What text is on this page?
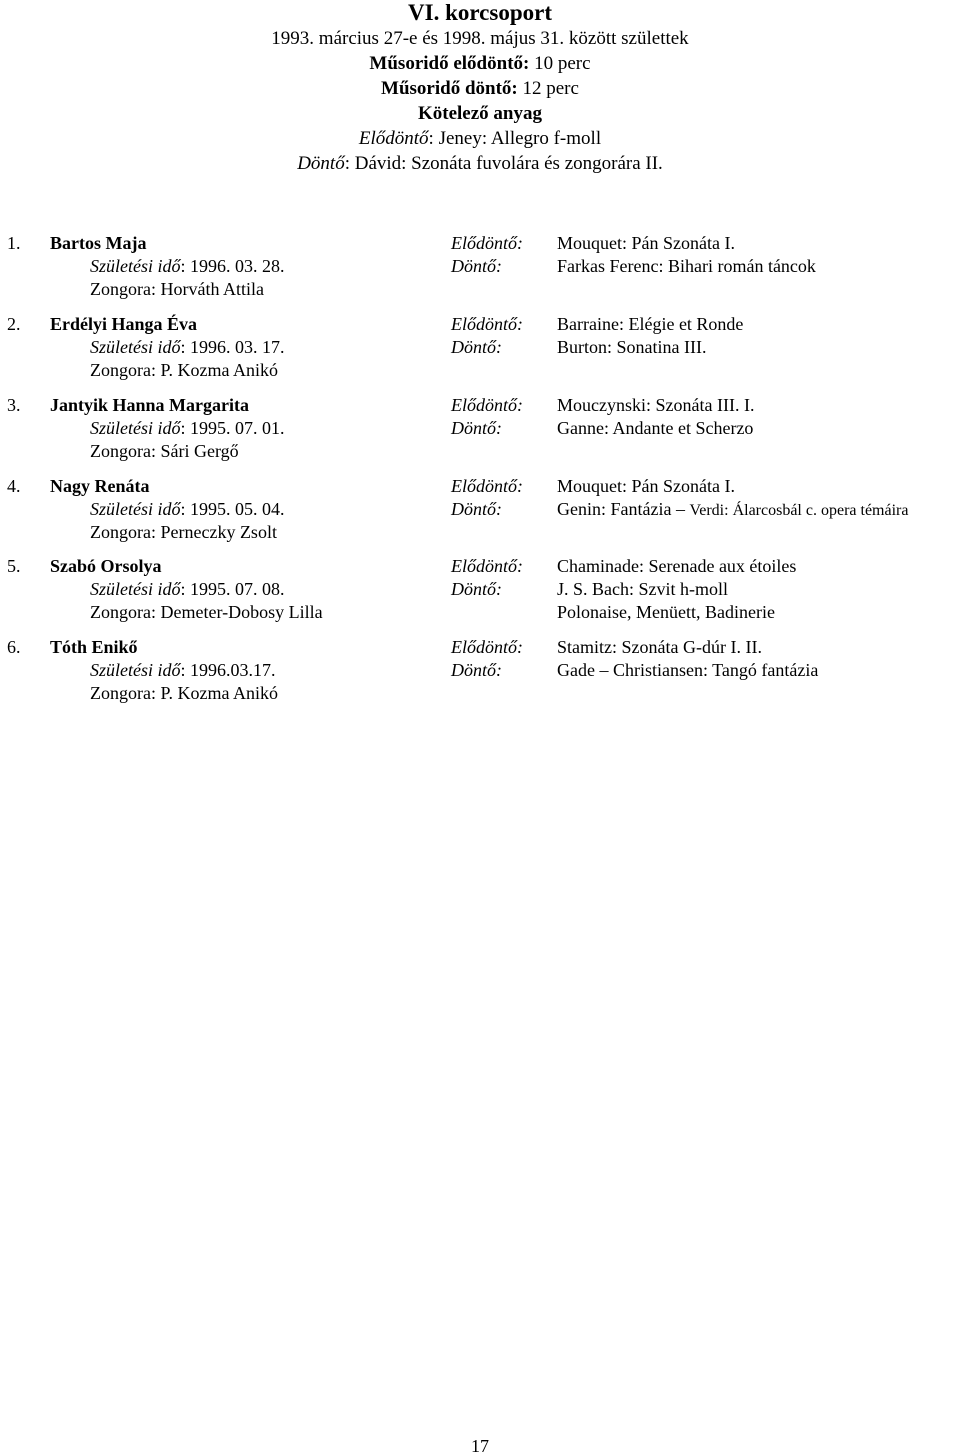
VI. korcsoport
1993. március 27-e és 1998. május 31. között születtek
Műsoridő elődöntő: 10 perc
Műsoridő döntő: 12 perc
Kötelező anyag
Elődöntő: Jeney: Allegro f-moll
Döntő: Dávid: Szonáta fuvolára és zongorára II.
1. Bartos Maja	Elődöntő: Mouquet: Pán Szonáta I.
Születési idő: 1996. 03. 28.	Döntő:	Farkas Ferenc: Bihari román táncok
Zongora: Horváth Attila
2. Erdélyi Hanga Éva	Elődöntő: Barraine: Elégie et Ronde
Születési idő: 1996. 03. 17.	Döntő:	Burton: Sonatina III.
Zongora: P. Kozma Anikó
3. Jantyik Hanna Margarita	Elődöntő: Mouczynski: Szonáta III. I.
Születési idő: 1995. 07. 01.	Döntő:	Ganne: Andante et Scherzo
Zongora: Sári Gergő
4. Nagy Renáta	Elődöntő: Mouquet: Pán Szonáta I.
Születési idő: 1995. 05. 04.	Döntő:	Genin: Fantázia – Verdi: Álarcosbál c. opera témáira
Zongora: Perneczky Zsolt
5. Szabó Orsolya	Elődöntő: Chaminade: Serenade aux étoiles
Születési idő: 1995. 07. 08.	Döntő:	J. S. Bach: Szvit h-moll
Zongora: Demeter-Dobosy Lilla	Polonaise, Menüett, Badinerie
6. Tóth Enikő	Elődöntő: Stamitz: Szonáta G-dúr I. II.
Születési idő: 1996.03.17.	Döntő:	Gade – Christiansen: Tangó fantázia
Zongora: P. Kozma Anikó
17
